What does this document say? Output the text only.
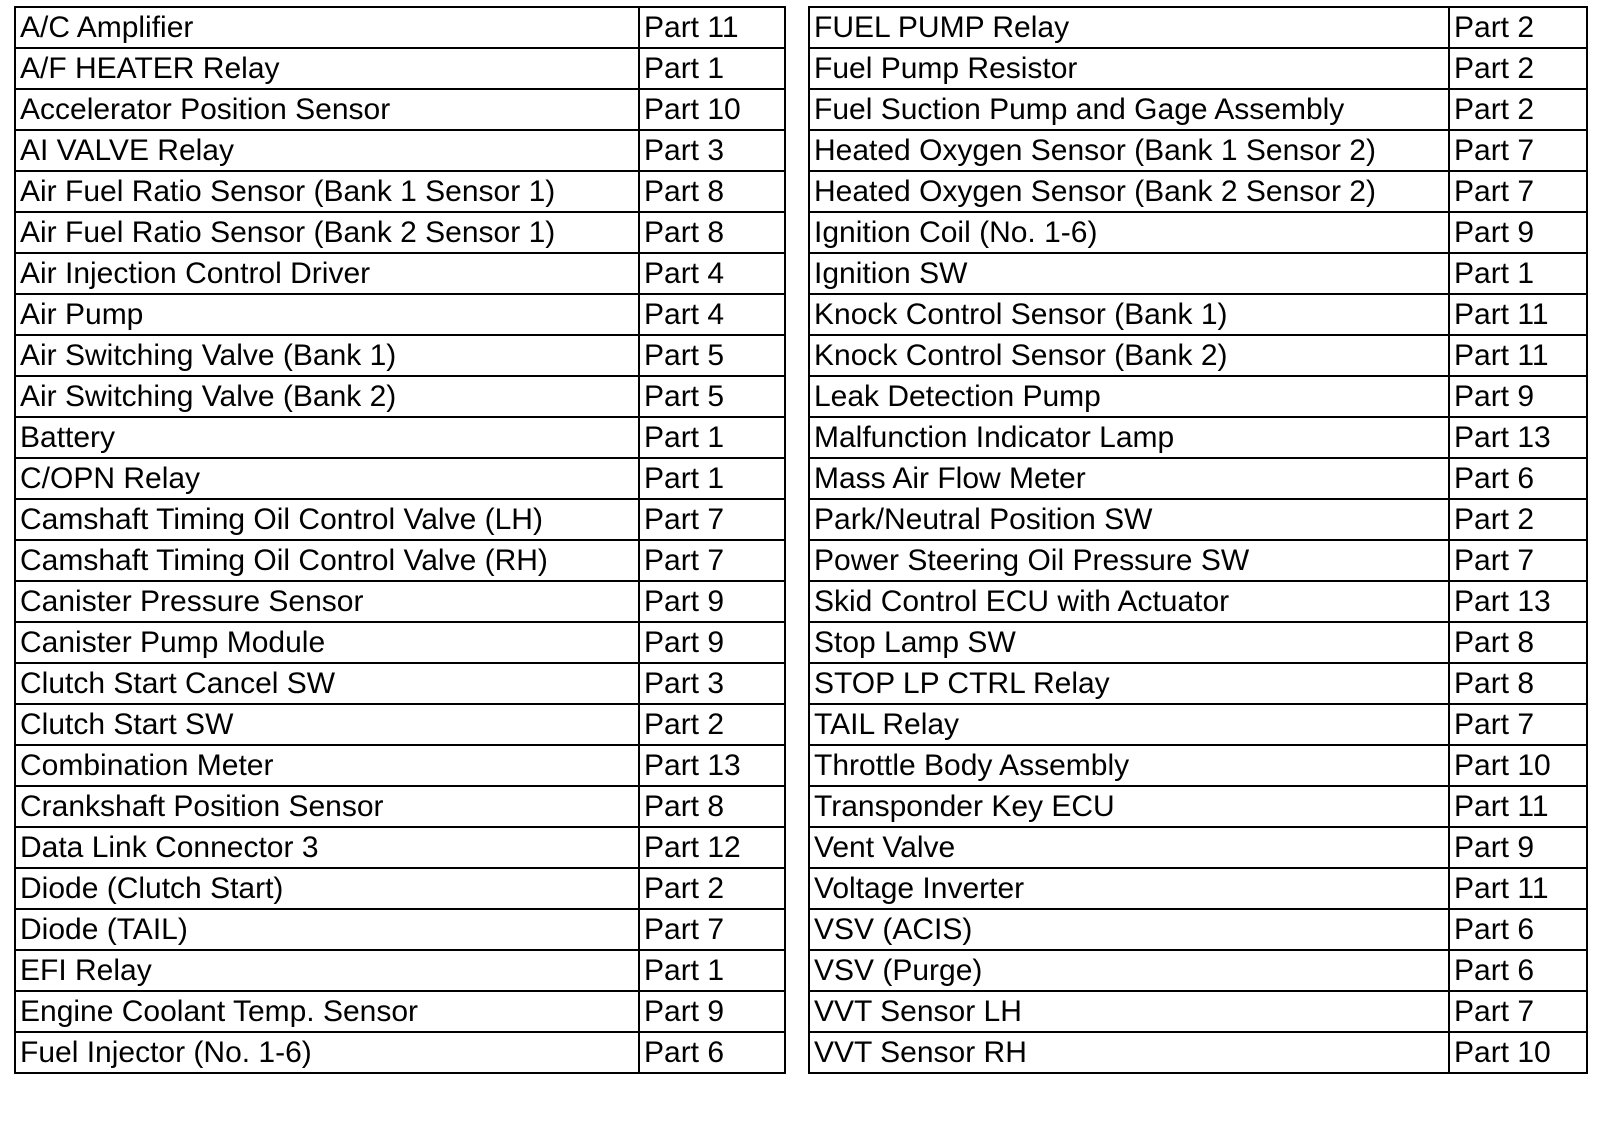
A/C Amplifier	Part 11
A/F HEATER Relay	Part 1
Accelerator Position Sensor	Part 10
AI VALVE Relay	Part 3
Air Fuel Ratio Sensor (Bank 1 Sensor 1)	Part 8
Air Fuel Ratio Sensor (Bank 2 Sensor 1)	Part 8
Air Injection Control Driver	Part 4
Air Pump	Part 4
Air Switching Valve (Bank 1)	Part 5
Air Switching Valve (Bank 2)	Part 5
Battery	Part 1
C/OPN Relay	Part 1
Camshaft Timing Oil Control Valve (LH)	Part 7
Camshaft Timing Oil Control Valve (RH)	Part 7
Canister Pressure Sensor	Part 9
Canister Pump Module	Part 9
Clutch Start Cancel SW	Part 3
Clutch Start SW	Part 2
Combination Meter	Part 13
Crankshaft Position Sensor	Part 8
Data Link Connector 3	Part 12
Diode (Clutch Start)	Part 2
Diode (TAIL)	Part 7
EFI Relay	Part 1
Engine Coolant Temp. Sensor	Part 9
Fuel Injector (No. 1-6)	Part 6
FUEL PUMP Relay	Part 2
Fuel Pump Resistor	Part 2
Fuel Suction Pump and Gage Assembly	Part 2
Heated Oxygen Sensor (Bank 1 Sensor 2)	Part 7
Heated Oxygen Sensor (Bank 2 Sensor 2)	Part 7
Ignition Coil (No. 1-6)	Part 9
Ignition SW	Part 1
Knock Control Sensor (Bank 1)	Part 11
Knock Control Sensor (Bank 2)	Part 11
Leak Detection Pump	Part 9
Malfunction Indicator Lamp	Part 13
Mass Air Flow Meter	Part 6
Park/Neutral Position SW	Part 2
Power Steering Oil Pressure SW	Part 7
Skid Control ECU with Actuator	Part 13
Stop Lamp SW	Part 8
STOP LP CTRL Relay	Part 8
TAIL Relay	Part 7
Throttle Body Assembly	Part 10
Transponder Key ECU	Part 11
Vent Valve	Part 9
Voltage Inverter	Part 11
VSV (ACIS)	Part 6
VSV (Purge)	Part 6
VVT Sensor LH	Part 7
VVT Sensor RH	Part 10
